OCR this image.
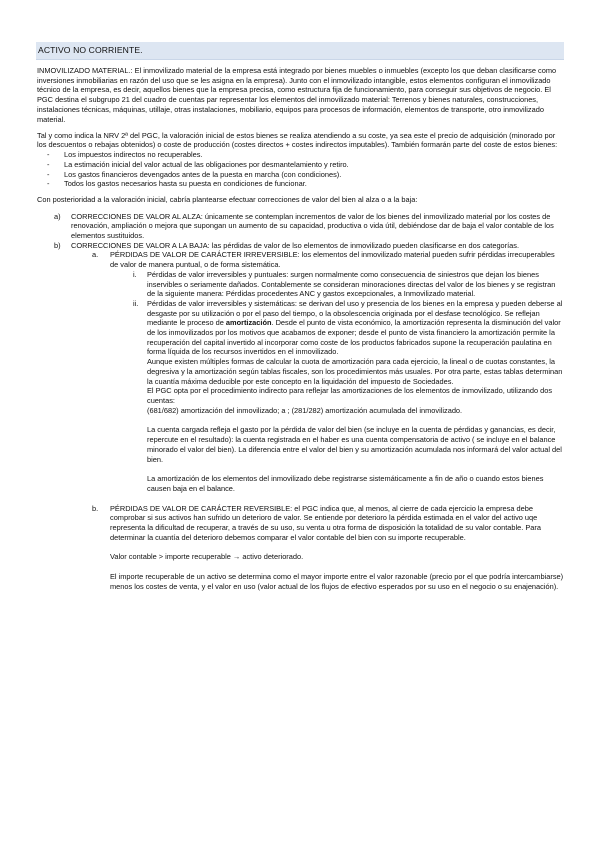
ACTIVO NO CORRIENTE.

INMOVILIZADO MATERIAL.: El inmovilizado material de la empresa está integrado por bienes muebles o inmuebles (excepto los que deban clasificarse como inversiones inmobiliarias en razón del uso que se les asigna en la empresa). Junto con el inmovilizado intangible, estos elementos configuran el inmovilizado técnico de la empresa, es decir, aquellos bienes que la empresa precisa, como estructura fija de funcionamiento, para conseguir sus objetivos de negocio. El PGC destina el subgrupo 21 del cuadro de cuentas par representar los elementos del inmovilizado material: Terrenos y bienes naturales, construcciones, instalaciones técnicas, máquinas, utillaje, otras instalaciones, mobiliario, equipos para procesos de información, elementos de transporte, otro inmovilizado material.

Tal y como indica la NRV 2ª del PGC, la valoración inicial de estos bienes se realiza atendiendo a su coste, ya sea este el precio de adquisición (minorado por los descuentos o rebajas obtenidos) o coste de producción (costes directos + costes indirectos imputables). También formarán parte del coste de estos bienes:

- Los impuestos indirectos no recuperables.
- La estimación inicial del valor actual de las obligaciones por desmantelamiento y retiro.
- Los gastos financieros devengados antes de la puesta en marcha (con condiciones).
- Todos los gastos necesarios hasta su puesta en condiciones de funcionar.

Con posterioridad a la valoración inicial, cabría plantearse efectuar correcciones de valor del bien al alza o a la baja:

a) CORRECCIONES DE VALOR AL ALZA: únicamente se contemplan incrementos de valor de los bienes del inmovilizado material por los costes de renovación, ampliación o mejora que supongan un aumento de su capacidad, productiva o vida útil, debiéndose dar de baja el valor contable de los elementos sustituidos.
b) CORRECCIONES DE VALOR A LA BAJA: las pérdidas de valor de lso elementos de inmovilizado pueden clasificarse en dos categorías.
a. PÉRDIDAS DE VALOR DE CARÁCTER IRREVERSIBLE: los elementos del inmovilizado material pueden sufrir pérdidas irrecuperables de valor de manera puntual, o de forma sistemática.
i. Pérdidas de valor irreversibles y puntuales: surgen normalmente como consecuencia de siniestros que dejan los bienes inservibles o seriamente dañados. Contablemente se consideran minoraciones directas del valor de los bienes y se registran de la siguiente manera: Pérdidas procedentes ANC y gastos excepcionales, a Inmovilizado material.
ii. Pérdidas de valor irreversibles y sistemáticas: se derivan del uso y presencia de los bienes en la empresa y pueden deberse al desgaste por su utilización o por el paso del tiempo, o la obsolescencia originada por el desfase tecnológico. Se reflejan mediante le proceso de amortización. Desde el punto de vista económico, la amortización representa la disminución del valor de los inmovilizados por los motivos que acabamos de exponer; desde el punto de vista financiero la amortización permite la recuperación del capital invertido al incorporar como coste de los productos fabricados supone la recuperación paulatina en forma líquida de los recursos invertidos en el inmovilizado.

Aunque existen múltiples formas de calcular la cuota de amortización para cada ejercicio, la lineal o de cuotas constantes, la degresiva y la amortización según tablas fiscales, son los procedimientos más usuales. Por otra parte, estas tablas determinan la cuantía máxima deducible por este concepto en la liquidación del impuesto de Sociedades.

El PGC opta por el procedimiento indirecto para reflejar las amortizaciones de los elementos de inmovilizado, utilizando dos cuentas:

(681/682) amortización del inmovilizado; a ; (281/282) amortización acumulada del inmovilizado.

La cuenta cargada refleja el gasto por la pérdida de valor del bien (se incluye en la cuenta de pérdidas y ganancias, es decir, repercute en el resultado): la cuenta registrada en el haber es una cuenta compensatoria de activo ( se incluye en el balance minorado el valor del bien). La diferencia entre el valor del bien y su amortización acumulada nos informará del valor actual del bien.

La amortización de los elementos del inmovilizado debe registrarse sistemáticamente a fin de año o cuando estos bienes causen baja en el balance.

b. PÉRDIDAS DE VALOR DE CARÁCTER REVERSIBLE: el PGC indica que, al menos, al cierre de cada ejercicio la empresa debe comprobar si sus activos han sufrido un deterioro de valor. Se entiende por deterioro la pérdida estimada en el valor del activo uqe representa la dificultad de recuperar, a través de su uso, su venta u otra forma de disposición la totalidad de su valor contable. Para determinar la cuantía del deterioro debemos comparar el valor contable del bien con su importe recuperable.

Valor contable > importe recuperable → activo deteriorado.

El importe recuperable de un activo se determina como el mayor importe entre el valor razonable (precio por el que podría intercambiarse) menos los costes de venta, y el valor en uso (valor actual de los flujos de efectivo esperados por su uso en el negocio o su enajenación).
